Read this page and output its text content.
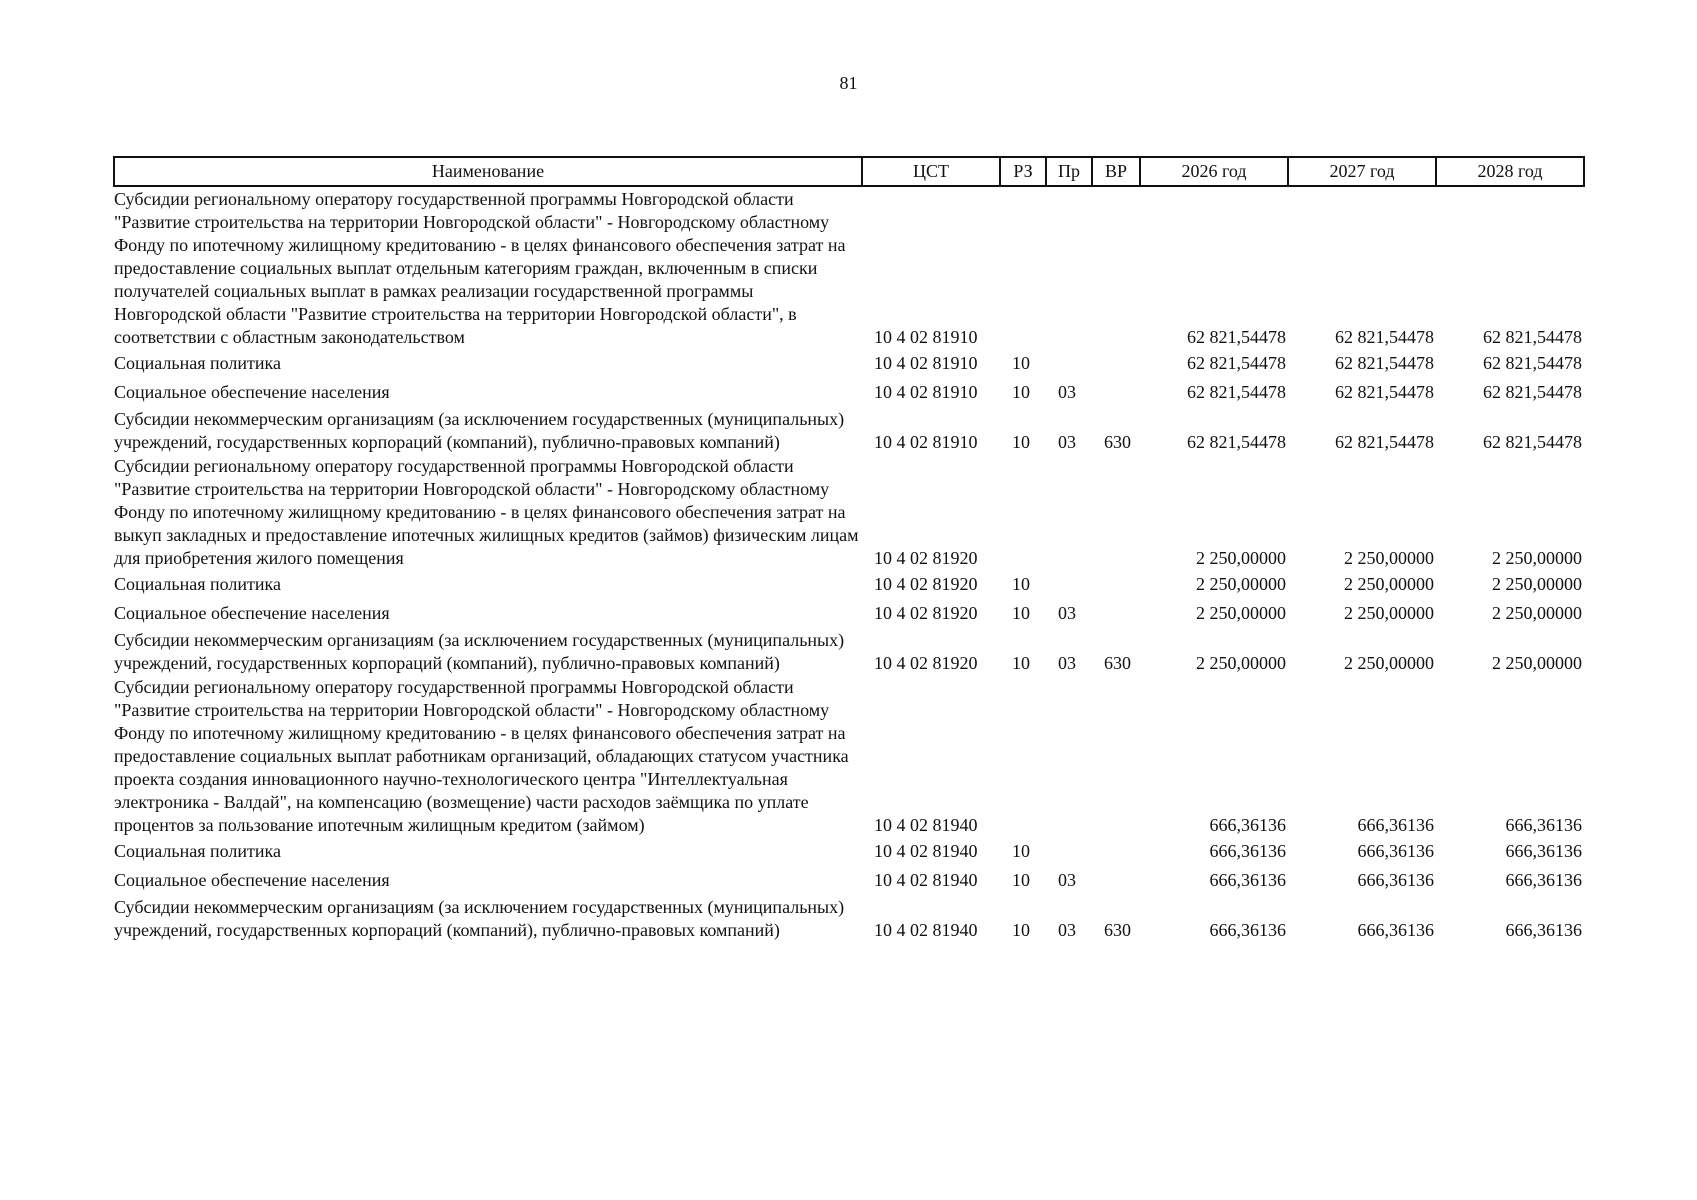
81
Наименование	ЦСТ	РЗ	Пр	ВР	2026 год	2027 год	2028 год
Субсидии региональному оператору государственной программы Новгородской области "Развитие строительства на территории Новгородской области" - Новгородскому областному Фонду по ипотечному жилищному кредитованию - в целях финансового обеспечения затрат на предоставление социальных выплат отдельным категориям граждан, включенным в списки получателей социальных выплат в рамках реализации государственной программы Новгородской области "Развитие строительства на территории Новгородской области", в соответствии с областным законодательством	10 4 02 81910				62 821,54478	62 821,54478	62 821,54478
Социальная политика	10 4 02 81910	10			62 821,54478	62 821,54478	62 821,54478
Социальное обеспечение населения	10 4 02 81910	10	03		62 821,54478	62 821,54478	62 821,54478
Субсидии некоммерческим организациям (за исключением государственных (муниципальных) учреждений, государственных корпораций (компаний), публично-правовых компаний)	10 4 02 81910	10	03	630	62 821,54478	62 821,54478	62 821,54478
Субсидии региональному оператору государственной программы Новгородской области "Развитие строительства на территории Новгородской области" - Новгородскому областному Фонду по ипотечному жилищному кредитованию - в целях финансового обеспечения затрат на выкуп закладных и предоставление ипотечных жилищных кредитов (займов) физическим лицам для приобретения жилого помещения	10 4 02 81920				2 250,00000	2 250,00000	2 250,00000
Социальная политика	10 4 02 81920	10			2 250,00000	2 250,00000	2 250,00000
Социальное обеспечение населения	10 4 02 81920	10	03		2 250,00000	2 250,00000	2 250,00000
Субсидии некоммерческим организациям (за исключением государственных (муниципальных) учреждений, государственных корпораций (компаний), публично-правовых компаний)	10 4 02 81920	10	03	630	2 250,00000	2 250,00000	2 250,00000
Субсидии региональному оператору государственной программы Новгородской области "Развитие строительства на территории Новгородской области" - Новгородскому областному Фонду по ипотечному жилищному кредитованию - в целях финансового обеспечения затрат на предоставление социальных выплат работникам организаций, обладающих статусом участника проекта создания инновационного научно-технологического центра "Интеллектуальная электроника - Валдай", на компенсацию (возмещение) части расходов заёмщика по уплате процентов за пользование ипотечным жилищным кредитом (займом)	10 4 02 81940				666,36136	666,36136	666,36136
Социальная политика	10 4 02 81940	10			666,36136	666,36136	666,36136
Социальное обеспечение населения	10 4 02 81940	10	03		666,36136	666,36136	666,36136
Субсидии некоммерческим организациям (за исключением государственных (муниципальных) учреждений, государственных корпораций (компаний), публично-правовых компаний)	10 4 02 81940	10	03	630	666,36136	666,36136	666,36136
